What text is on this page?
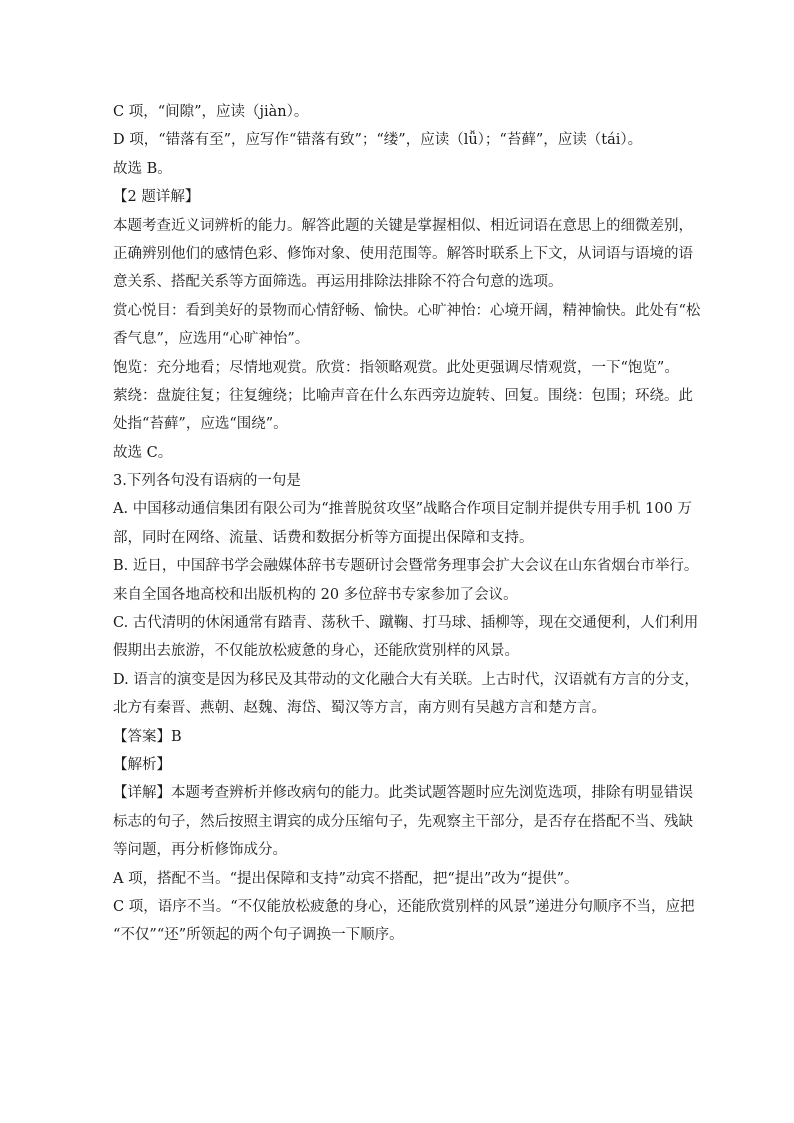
C 项，“间隙”，应读（jiàn）。
D 项，“错落有至”，应写作“错落有致”；“缕”，应读（lǚ）；“苔藓”，应读（tái）。
故选 B。
【2 题详解】
本题考查近义词辨析的能力。解答此题的关键是掌握相似、相近词语在意思上的细微差别，
正确辨别他们的感情色彩、修饰对象、使用范围等。解答时联系上下文，从词语与语境的语
意关系、搭配关系等方面筛选。再运用排除法排除不符合句意的选项。
赏心悦目：看到美好的景物而心情舒畅、愉快。心旷神怡：心境开阔，精神愉快。此处有“松
香气息”，应选用“心旷神怡”。
饱览：充分地看；尽情地观赏。欣赏：指领略观赏。此处更强调尽情观赏，一下“饱览”。
萦绕：盘旋往复；往复缠绕；比喻声音在什么东西旁边旋转、回复。围绕：包围；环绕。此
处指“苔藓”，应选“围绕”。
故选 C。
3.下列各句没有语病的一句是
A. 中国移动通信集团有限公司为“推普脱贫攻坚”战略合作项目定制并提供专用手机 100 万
部，同时在网络、流量、话费和数据分析等方面提出保障和支持。
B. 近日，中国辞书学会融媒体辞书专题研讨会暨常务理事会扩大会议在山东省烟台市举行。
来自全国各地高校和出版机构的 20 多位辞书专家参加了会议。
C. 古代清明的休闲通常有踏青、荡秋千、蹴鞠、打马球、插柳等，现在交通便利，人们利用
假期出去旅游，不仅能放松疲惫的身心，还能欣赏别样的风景。
D. 语言的演变是因为移民及其带动的文化融合大有关联。上古时代，汉语就有方言的分支，
北方有秦晋、燕朝、赵魏、海岱、蜀汉等方言，南方则有吴越方言和楚方言。
【答案】B
【解析】
【详解】本题考查辨析并修改病句的能力。此类试题答题时应先浏览选项，排除有明显错误
标志的句子，然后按照主谓宾的成分压缩句子，先观察主干部分，是否存在搭配不当、残缺
等问题，再分析修饰成分。
A 项，搭配不当。“提出保障和支持”动宾不搭配，把“提出”改为“提供”。
C 项，语序不当。“不仅能放松疲惫的身心，还能欣赏别样的风景”递进分句顺序不当，应把
“不仅”“还”所领起的两个句子调换一下顺序。
